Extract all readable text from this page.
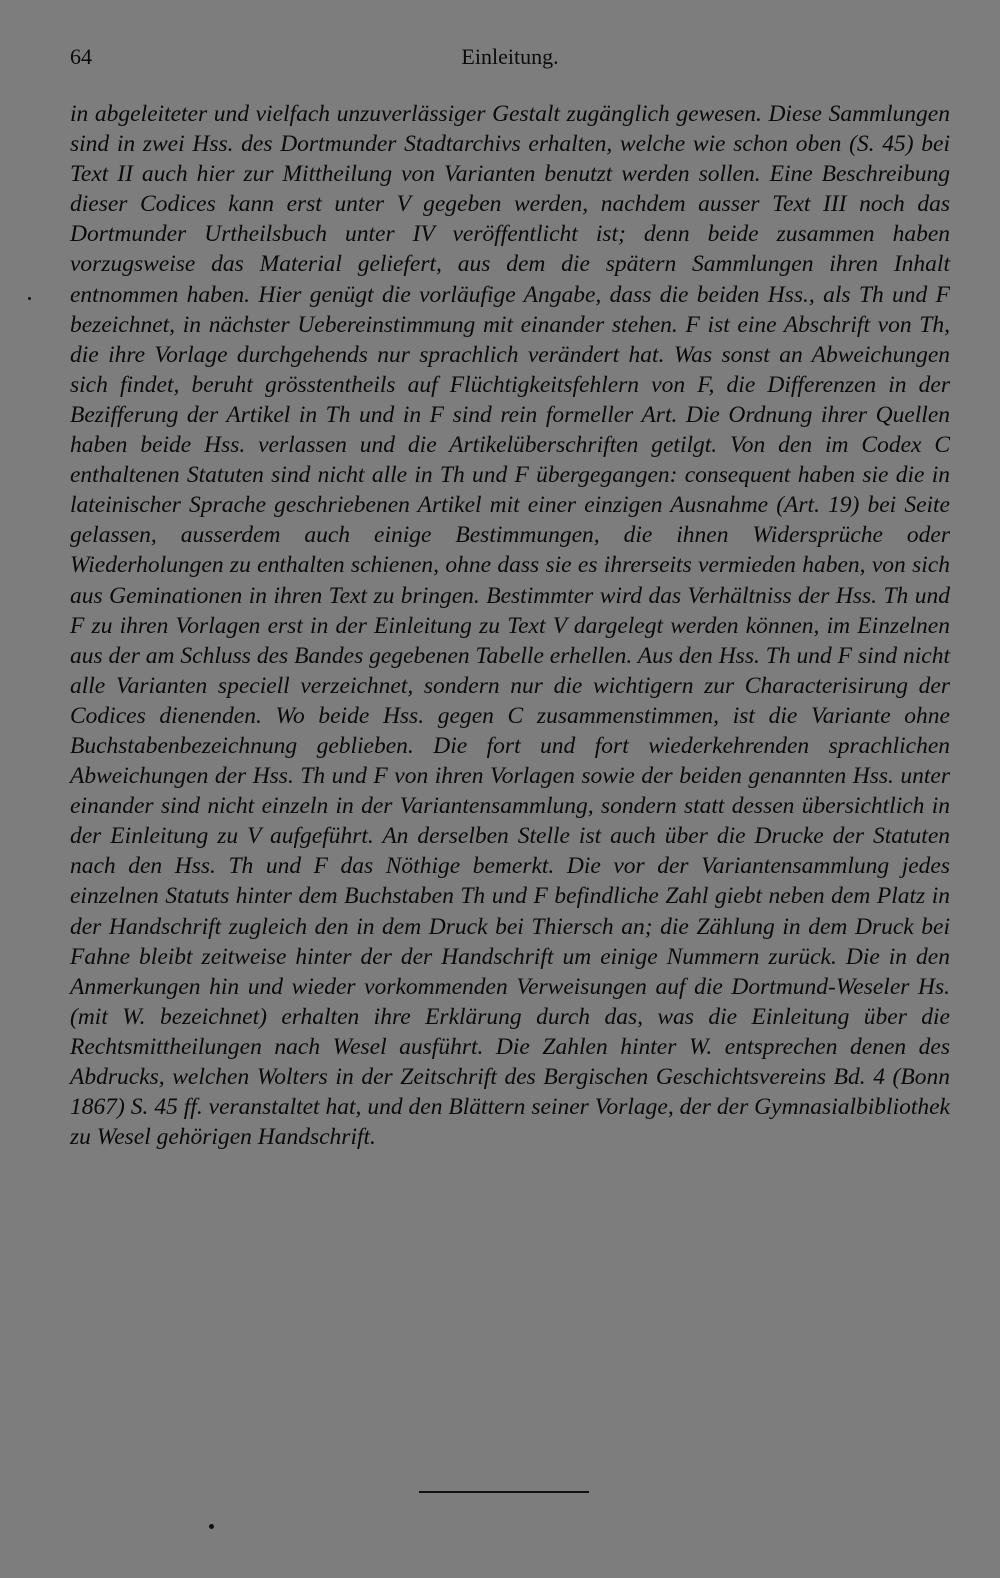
64	Einleitung.

in abgeleiteter und vielfach unzuverlässiger Gestalt zugänglich gewesen. Diese Sammlungen sind in zwei Hss. des Dortmunder Stadtarchivs erhalten, welche wie schon oben (S. 45) bei Text II auch hier zur Mittheilung von Varianten benutzt werden sollen. Eine Beschreibung dieser Codices kann erst unter V gegeben werden, nachdem ausser Text III noch das Dortmunder Urtheilsbuch unter IV veröffentlicht ist; denn beide zusammen haben vorzugsweise das Material geliefert, aus dem die spätern Sammlungen ihren Inhalt entnommen haben. Hier genügt die vorläufige Angabe, dass die beiden Hss., als Th und F bezeichnet, in nächster Uebereinstimmung mit einander stehen. F ist eine Abschrift von Th, die ihre Vorlage durchgehends nur sprachlich verändert hat. Was sonst an Abweichungen sich findet, beruht grösstentheils auf Flüchtigkeitsfehlern von F, die Differenzen in der Bezifferung der Artikel in Th und in F sind rein formeller Art. Die Ordnung ihrer Quellen haben beide Hss. verlassen und die Artikelüberschriften getilgt. Von den im Codex C enthaltenen Statuten sind nicht alle in Th und F übergegangen: consequent haben sie die in lateinischer Sprache geschriebenen Artikel mit einer einzigen Ausnahme (Art. 19) bei Seite gelassen, ausserdem auch einige Bestimmungen, die ihnen Widersprüche oder Wiederholungen zu enthalten schienen, ohne dass sie es ihrerseits vermieden haben, von sich aus Geminationen in ihren Text zu bringen. Bestimmter wird das Verhältniss der Hss. Th und F zu ihren Vorlagen erst in der Einleitung zu Text V dargelegt werden können, im Einzelnen aus der am Schluss des Bandes gegebenen Tabelle erhellen. Aus den Hss. Th und F sind nicht alle Varianten speciell verzeichnet, sondern nur die wichtigern zur Characterisirung der Codices dienenden. Wo beide Hss. gegen C zusammenstimmen, ist die Variante ohne Buchstabenbezeichnung geblieben. Die fort und fort wiederkehrenden sprachlichen Abweichungen der Hss. Th und F von ihren Vorlagen sowie der beiden genannten Hss. unter einander sind nicht einzeln in der Variantensammlung, sondern statt dessen übersichtlich in der Einleitung zu V aufgeführt. An derselben Stelle ist auch über die Drucke der Statuten nach den Hss. Th und F das Nöthige bemerkt. Die vor der Variantensammlung jedes einzelnen Statuts hinter dem Buchstaben Th und F befindliche Zahl giebt neben dem Platz in der Handschrift zugleich den in dem Druck bei Thiersch an; die Zählung in dem Druck bei Fahne bleibt zeitweise hinter der der Handschrift um einige Nummern zurück. Die in den Anmerkungen hin und wieder vorkommenden Verweisungen auf die Dortmund-Weseler Hs. (mit W. bezeichnet) erhalten ihre Erklärung durch das, was die Einleitung über die Rechtsmittheilungen nach Wesel ausführt. Die Zahlen hinter W. entsprechen denen des Abdrucks, welchen Wolters in der Zeitschrift des Bergischen Geschichtsvereins Bd. 4 (Bonn 1867) S. 45 ff. veranstaltet hat, und den Blättern seiner Vorlage, der der Gymnasialbibliothek zu Wesel gehörigen Handschrift.
